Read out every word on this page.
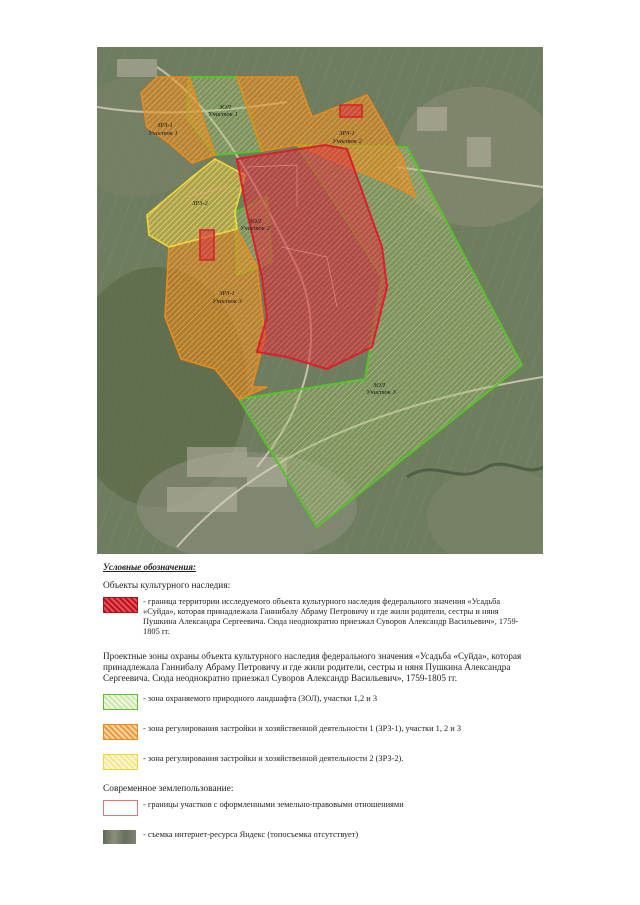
ЗРЗ-1 Участок 1
ЗОЛ Участок 1
ЗРЗ-1 Участок 2
ЗРЗ-2
ЗОЛ Участок 2
ЗРЗ-1 Участок 3
ЗОЛ Участок 3
Условные обозначения:
Объекты культурного наследия:
- граница территории исследуемого объекта культурного наследия федерального значения «Усадьба «Суйда», которая принадлежала Ганнибалу Абраму Петровичу и где жили родители, сестры и няня Пушкина Александра Сергеевича. Сюда неоднократно приезжал Суворов Александр Васильевич», 1759-1805 гг.
Проектные зоны охраны объекта культурного наследия федерального значения «Усадьба «Суйда», которая принадлежала Ганнибалу Абраму Петровичу и где жили родители, сестры и няня Пушкина Александра Сергеевича. Сюда неоднократно приезжал Суворов Александр Васильевич», 1759-1805 гг.
- зона охраняемого природного ландшафта (ЗОЛ), участки 1,2 и 3
- зона регулирования застройки и хозяйственной деятельности 1 (ЗРЗ-1), участки 1, 2 и 3
- зона регулирования застройки и хозяйственной деятельности 2 (ЗРЗ-2).
Современное землепользование:
- границы участков с оформленными земельно-правовыми отношениями
- съемка интернет-ресурса Яндекс (топосъемка отсутствует)
